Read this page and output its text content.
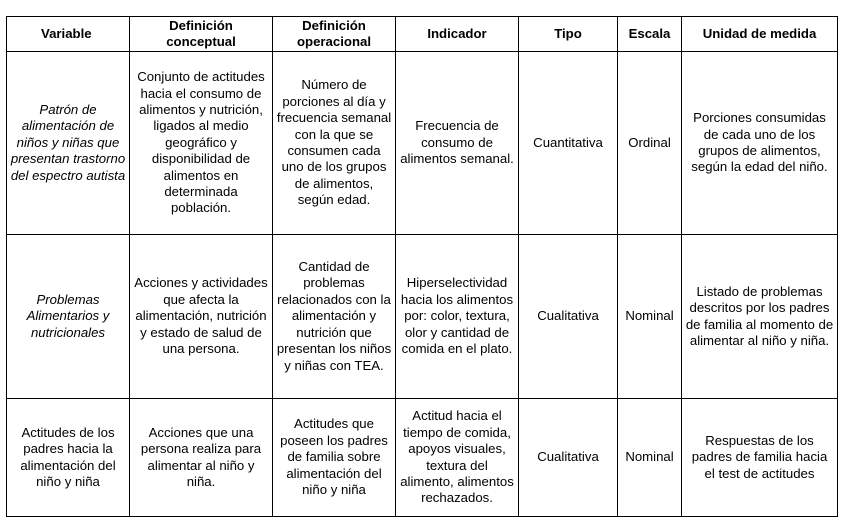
Variable	Definición conceptual	Definición operacional	Indicador	Tipo	Escala	Unidad de medida
Patrón de alimentación de niños y niñas que presentan trastorno del espectro autista	Conjunto de actitudes hacia el consumo de alimentos y nutrición, ligados al medio geográfico y disponibilidad de alimentos en determinada población.	Número de porciones al día y frecuencia semanal con la que se consumen cada uno de los grupos de alimentos, según edad.	Frecuencia de consumo de alimentos semanal.	Cuantitativa	Ordinal	Porciones consumidas de cada uno de los grupos de alimentos, según la edad del niño.
Problemas Alimentarios y nutricionales	Acciones y actividades que afecta la alimentación, nutrición y estado de salud de una persona.	Cantidad de problemas relacionados con la alimentación y nutrición que presentan los niños y niñas con TEA.	Hiperselectividad hacia los alimentos por: color, textura, olor y cantidad de comida en el plato.	Cualitativa	Nominal	Listado de problemas descritos por los padres de familia al momento de alimentar al niño y niña.
Actitudes de los padres hacia la alimentación del niño y niña	Acciones que una persona realiza para alimentar al niño y niña.	Actitudes que poseen los padres de familia sobre alimentación del niño y niña	Actitud hacia el tiempo de comida, apoyos visuales, textura del alimento, alimentos rechazados.	Cualitativa	Nominal	Respuestas de los padres de familia hacia el test de actitudes
